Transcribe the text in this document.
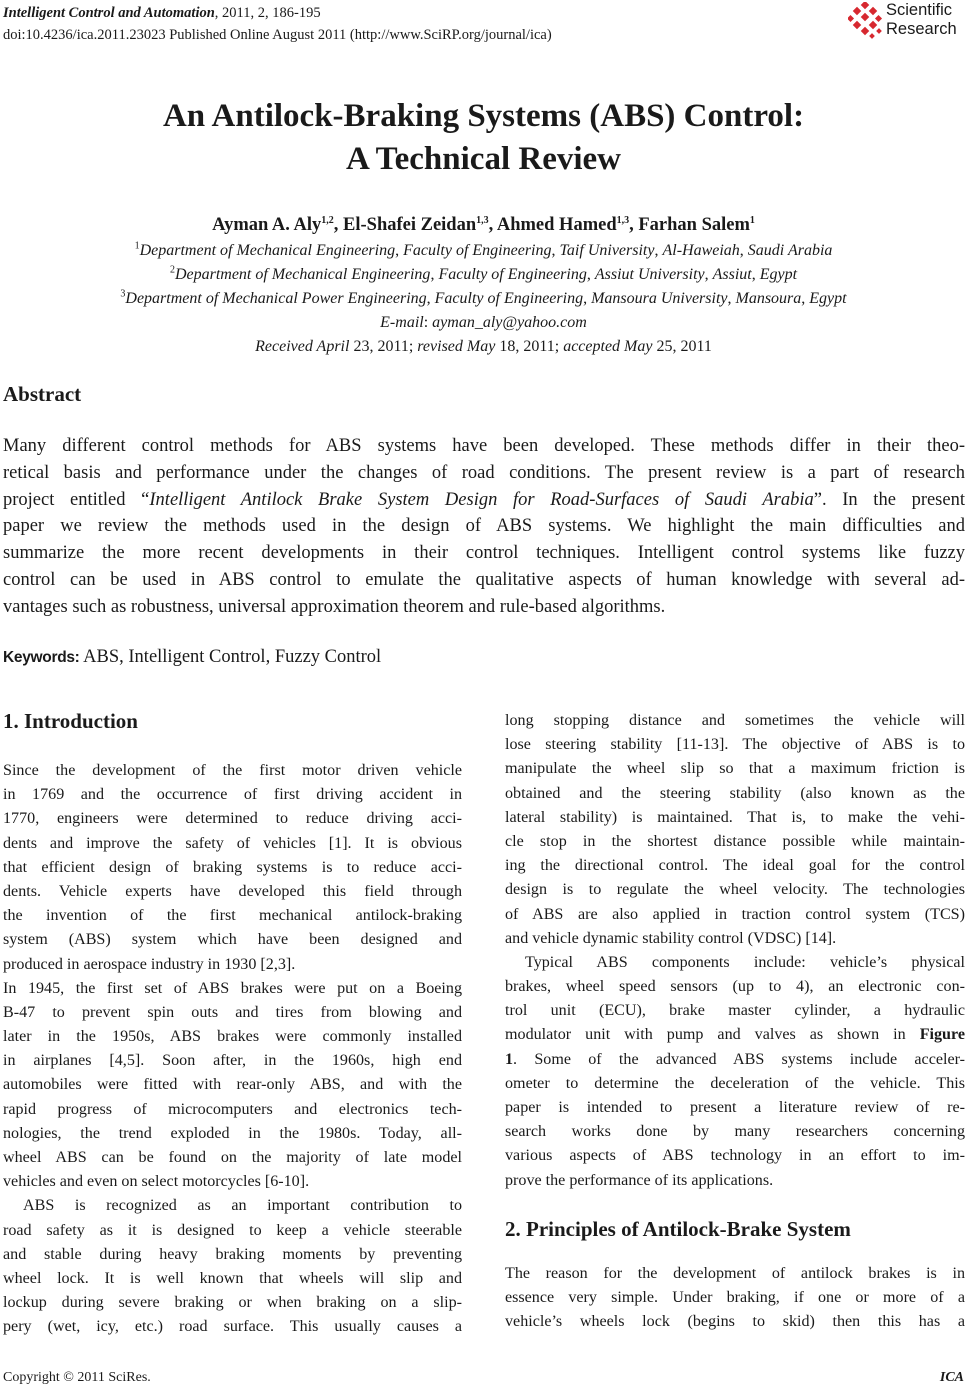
Intelligent Control and Automation, 2011, 2, 186-195
doi:10.4236/ica.2011.23023 Published Online August 2011 (http://www.SciRP.org/journal/ica)
Scientific
Research
An Antilock-Braking Systems (ABS) Control:
A Technical Review
Ayman A. Aly$^{1,2}$, El-Shafei Zeidan$^{1,3}$, Ahmed Hamed$^{1,3}$, Farhan Salem$^1$
$^1$Department of Mechanical Engineering, Faculty of Engineering, Taif University, Al-Haweiah, Saudi Arabia
$^2$Department of Mechanical Engineering, Faculty of Engineering, Assiut University, Assiut, Egypt
$^3$Department of Mechanical Power Engineering, Faculty of Engineering, Mansoura University, Mansoura, Egypt
E-mail: ayman_aly@yahoo.com
Received April 23, 2011; revised May 18, 2011; accepted May 25, 2011
Abstract
Many different control methods for ABS systems have been developed. These methods differ in their theo-
retical basis and performance under the changes of road conditions. The present review is a part of research
project entitled “Intelligent Antilock Brake System Design for Road-Surfaces of Saudi Arabia”. In the present
paper we review the methods used in the design of ABS systems. We highlight the main difficulties and
summarize the more recent developments in their control techniques. Intelligent control systems like fuzzy
control can be used in ABS control to emulate the qualitative aspects of human knowledge with several ad-
vantages such as robustness, universal approximation theorem and rule-based algorithms.
Keywords: ABS, Intelligent Control, Fuzzy Control
1. Introduction
2. Principles of Antilock-Brake System
Since the development of the first motor driven vehicle
in 1769 and the occurrence of first driving accident in
1770, engineers were determined to reduce driving acci-
dents and improve the safety of vehicles [1]. It is obvious
that efficient design of braking systems is to reduce acci-
dents. Vehicle experts have developed this field through
the invention of the first mechanical antilock-braking
system (ABS) system which have been designed and
produced in aerospace industry in 1930 [2,3].
In 1945, the first set of ABS brakes were put on a Boeing
B-47 to prevent spin outs and tires from blowing and
later in the 1950s, ABS brakes were commonly installed
in airplanes [4,5]. Soon after, in the 1960s, high end
automobiles were fitted with rear-only ABS, and with the
rapid progress of microcomputers and electronics tech-
nologies, the trend exploded in the 1980s. Today, all-
wheel ABS can be found on the majority of late model
vehicles and even on select motorcycles [6-10].
ABS is recognized as an important contribution to
road safety as it is designed to keep a vehicle steerable
and stable during heavy braking moments by preventing
wheel lock. It is well known that wheels will slip and
lockup during severe braking or when braking on a slip-
pery (wet, icy, etc.) road surface. This usually causes a
long stopping distance and sometimes the vehicle will
lose steering stability [11-13]. The objective of ABS is to
manipulate the wheel slip so that a maximum friction is
obtained and the steering stability (also known as the
lateral stability) is maintained. That is, to make the vehi-
cle stop in the shortest distance possible while maintain-
ing the directional control. The ideal goal for the control
design is to regulate the wheel velocity. The technologies
of ABS are also applied in traction control system (TCS)
and vehicle dynamic stability control (VDSC) [14].
Typical ABS components include: vehicle’s physical
brakes, wheel speed sensors (up to 4), an electronic con-
trol unit (ECU), brake master cylinder, a hydraulic
modulator unit with pump and valves as shown in Figure
1. Some of the advanced ABS systems include acceler-
ometer to determine the deceleration of the vehicle. This
paper is intended to present a literature review of re-
search works done by many researchers concerning
various aspects of ABS technology in an effort to im-
prove the performance of its applications.
The reason for the development of antilock brakes is in
essence very simple. Under braking, if one or more of a
vehicle’s wheels lock (begins to skid) then this has a
Copyright © 2011 SciRes.	ICA
